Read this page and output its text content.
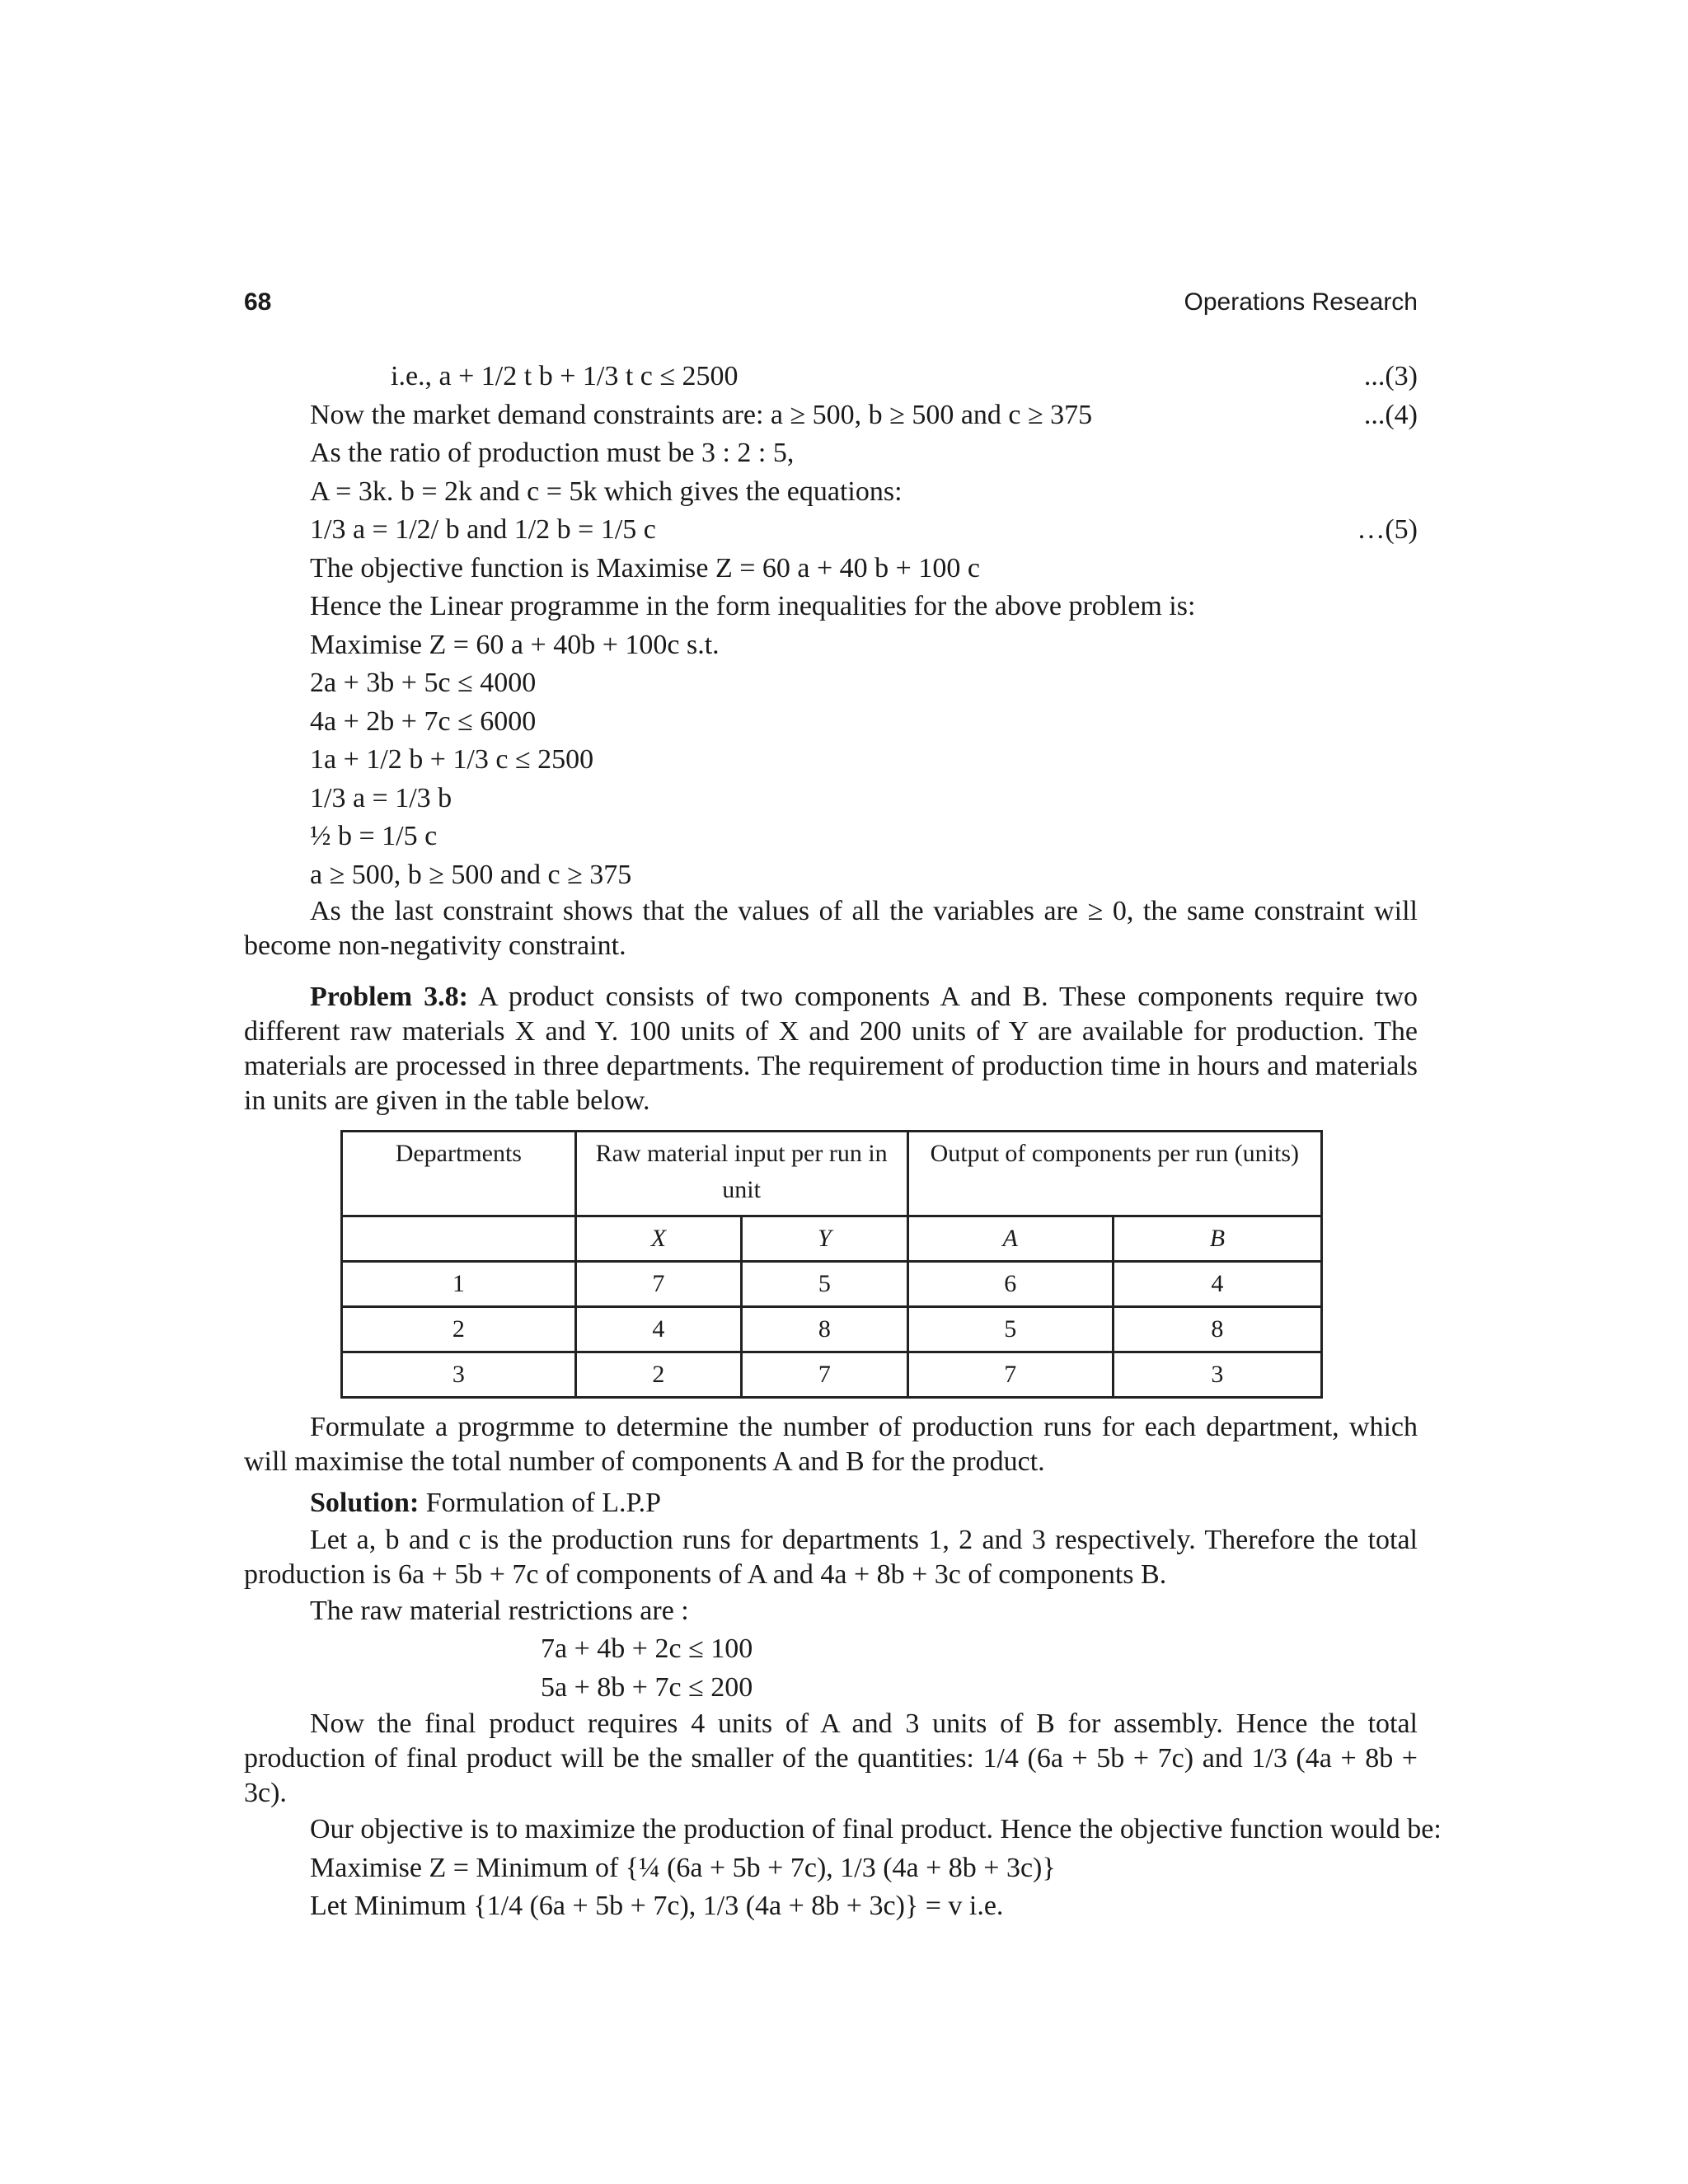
68	Operations Research
i.e., a + 1/2 t b + 1/3 t c ≤ 2500	...(3)
Now the market demand constraints are: a ≥ 500, b ≥ 500 and c ≥ 375	...(4)
As the ratio of production must be 3 : 2 : 5,
A = 3k. b = 2k and c = 5k which gives the equations:
1/3 a = 1/2/ b and 1/2 b = 1/5 c	…(5)
The objective function is Maximise Z = 60 a + 40 b + 100 c
Hence the Linear programme in the form inequalities for the above problem is:
Maximise Z = 60 a + 40b + 100c s.t.
2a + 3b + 5c ≤ 4000
4a + 2b + 7c ≤ 6000
1a + 1/2 b + 1/3 c ≤ 2500
1/3 a = 1/3 b
½ b = 1/5 c
a ≥ 500, b ≥ 500 and c ≥ 375
As the last constraint shows that the values of all the variables are ≥ 0, the same constraint will become non-negativity constraint.
Problem 3.8: A product consists of two components A and B. These components require two different raw materials X and Y. 100 units of X and 200 units of Y are available for production. The materials are processed in three departments. The requirement of production time in hours and materials in units are given in the table below.
Departments	Raw material input per run in unit		Output of components per run (units)	
	X	Y	A	B
1	7	5	6	4
2	4	8	5	8
3	2	7	7	3
Formulate a progrmme to determine the number of production runs for each department, which will maximise the total number of components A and B for the product.
Solution: Formulation of L.P.P
Let a, b and c is the production runs for departments 1, 2 and 3 respectively. Therefore the total production is 6a + 5b + 7c of components of A and 4a + 8b + 3c of components B.
The raw material restrictions are :
7a + 4b + 2c ≤ 100
5a + 8b + 7c ≤ 200
Now the final product requires 4 units of A and 3 units of B for assembly. Hence the total production of final product will be the smaller of the quantities: 1/4 (6a + 5b + 7c) and 1/3 (4a + 8b + 3c).
Our objective is to maximize the production of final product. Hence the objective function would be:
Maximise Z = Minimum of {¼ (6a + 5b + 7c), 1/3 (4a + 8b + 3c)}
Let Minimum {1/4 (6a + 5b + 7c), 1/3 (4a + 8b + 3c)} = v i.e.
